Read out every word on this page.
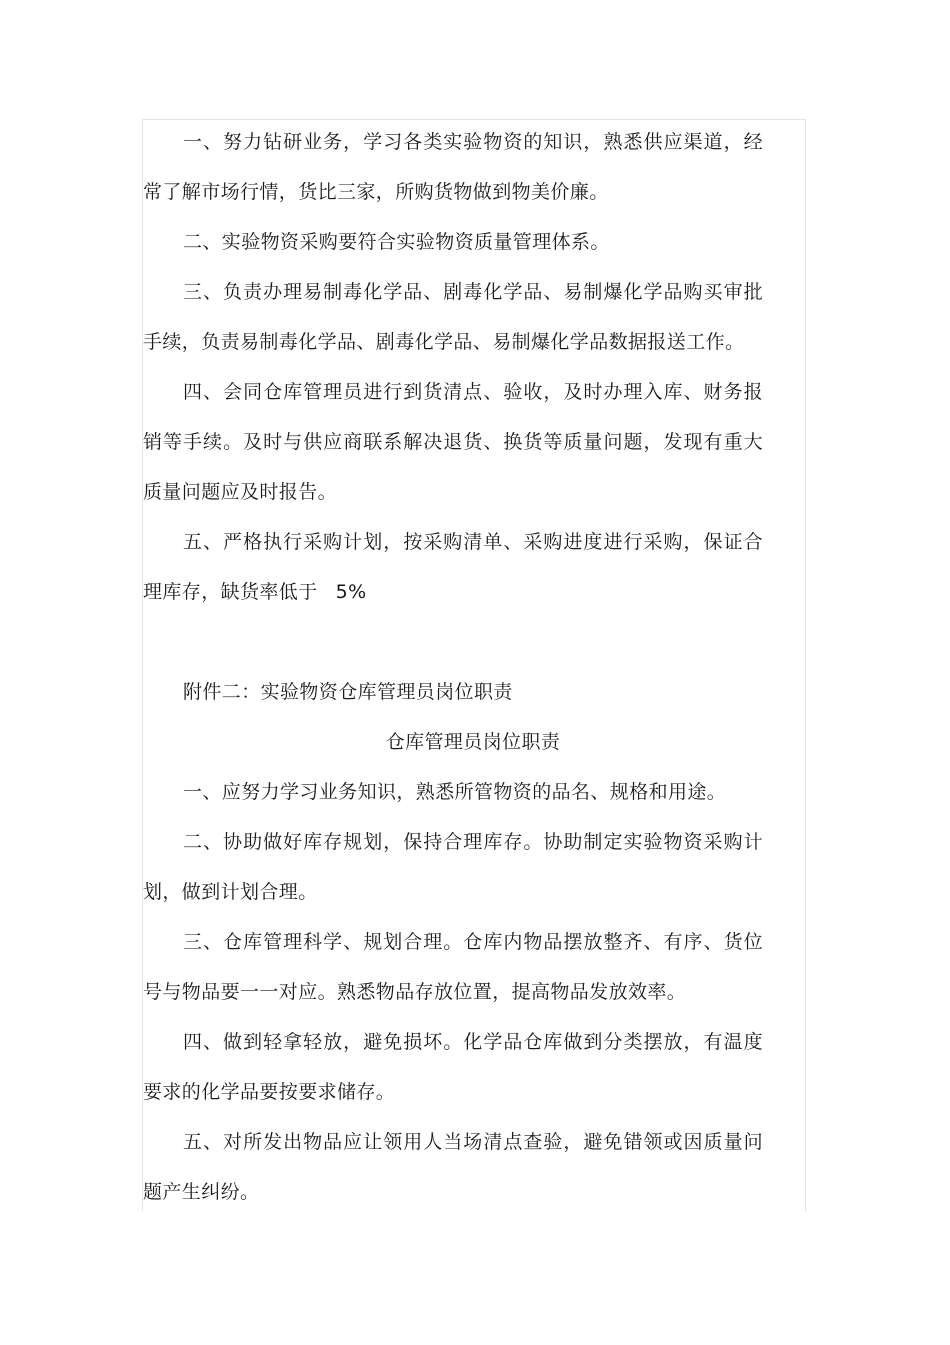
一、努力钻研业务，学习各类实验物资的知识，熟悉供应渠道，经常了解市场行情，货比三家，所购货物做到物美价廉。

二、实验物资采购要符合实验物资质量管理体系。

三、负责办理易制毒化学品、剧毒化学品、易制爆化学品购买审批手续，负责易制毒化学品、剧毒化学品、易制爆化学品数据报送工作。

四、会同仓库管理员进行到货清点、验收，及时办理入库、财务报销等手续。及时与供应商联系解决退货、换货等质量问题，发现有重大质量问题应及时报告。

五、严格执行采购计划，按采购清单、采购进度进行采购，保证合理库存，缺货率低于 5%

附件二：实验物资仓库管理员岗位职责

仓库管理员岗位职责

一、应努力学习业务知识，熟悉所管物资的品名、规格和用途。

二、协助做好库存规划，保持合理库存。协助制定实验物资采购计划，做到计划合理。

三、仓库管理科学、规划合理。仓库内物品摆放整齐、有序、货位号与物品要一一对应。熟悉物品存放位置，提高物品发放效率。

四、做到轻拿轻放，避免损坏。化学品仓库做到分类摆放，有温度要求的化学品要按要求储存。

五、对所发出物品应让领用人当场清点查验，避免错领或因质量问题产生纠纷。
